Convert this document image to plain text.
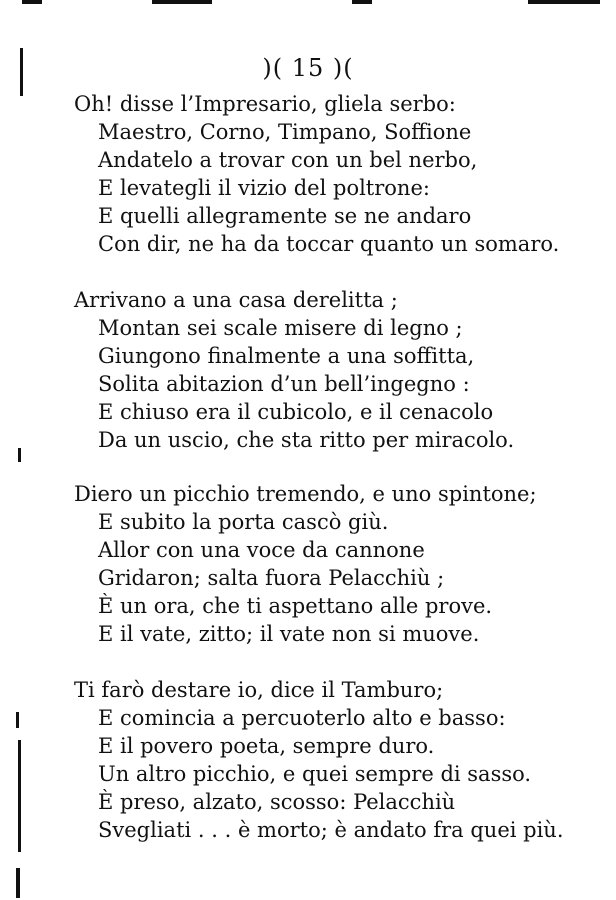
)( 15 )(
Oh! disse l’Impresario, gliela serbo:
Maestro, Corno, Timpano, Soffione
Andatelo a trovar con un bel nerbo,
E levategli il vizio del poltrone:
E quelli allegramente se ne andaro
Con dir, ne ha da toccar quanto un somaro.
Arrivano a una casa derelitta ;
Montan sei scale misere di legno ;
Giungono finalmente a una soffitta,
Solita abitazion d’un bell’ingegno :
E chiuso era il cubicolo, e il cenacolo
Da un uscio, che sta ritto per miracolo.
Diero un picchio tremendo, e uno spintone;
E subito la porta cascò giù.
Allor con una voce da cannone
Gridaron; salta fuora Pelacchiù ;
È un ora, che ti aspettano alle prove.
E il vate, zitto; il vate non si muove.
Ti farò destare io, dice il Tamburo;
E comincia a percuoterlo alto e basso:
E il povero poeta, sempre duro.
Un altro picchio, e quei sempre di sasso.
È preso, alzato, scosso: Pelacchiù
Svegliati . . . è morto; è andato fra quei più.
